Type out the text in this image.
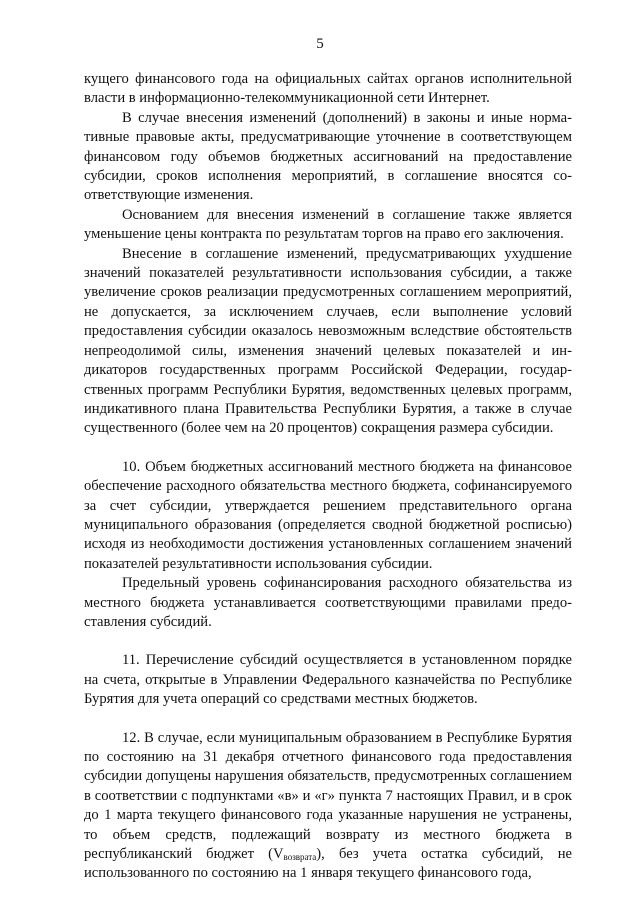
5

кущего финансового года на официальных сайтах органов исполнительной власти в информационно-телекоммуникационной сети Интернет.

В случае внесения изменений (дополнений) в законы и иные нормативные правовые акты, предусматривающие уточнение в соответствующем финансовом году объемов бюджетных ассигнований на предоставление субсидии, сроков исполнения мероприятий, в соглашение вносятся соответствующие изменения.

Основанием для внесения изменений в соглашение также является уменьшение цены контракта по результатам торгов на право его заключения.

Внесение в соглашение изменений, предусматривающих ухудшение значений показателей результативности использования субсидии, а также увеличение сроков реализации предусмотренных соглашением мероприятий, не допускается, за исключением случаев, если выполнение условий предоставления субсидии оказалось невозможным вследствие обстоятельств непреодолимой силы, изменения значений целевых показателей и индикаторов государственных программ Российской Федерации, государственных программ Республики Бурятия, ведомственных целевых программ, индикативного плана Правительства Республики Бурятия, а также в случае существенного (более чем на 20 процентов) сокращения размера субсидии.

10. Объем бюджетных ассигнований местного бюджета на финансовое обеспечение расходного обязательства местного бюджета, софинансируемого за счет субсидии, утверждается решением представительного органа муниципального образования (определяется сводной бюджетной росписью) исходя из необходимости достижения установленных соглашением значений показателей результативности использования субсидии.

Предельный уровень софинансирования расходного обязательства из местного бюджета устанавливается соответствующими правилами предоставления субсидий.

11. Перечисление субсидий осуществляется в установленном порядке на счета, открытые в Управлении Федерального казначейства по Республике Бурятия для учета операций со средствами местных бюджетов.

12. В случае, если муниципальным образованием в Республике Бурятия по состоянию на 31 декабря отчетного финансового года предоставления субсидии допущены нарушения обязательств, предусмотренных соглашением в соответствии с подпунктами «в» и «г» пункта 7 настоящих Правил, и в срок до 1 марта текущего финансового года указанные нарушения не устранены, то объем средств, подлежащий возврату из местного бюджета в республиканский бюджет $(V_{возврата})$, без учета остатка субсидий, не использованного по состоянию на 1 января текущего финансового года,
